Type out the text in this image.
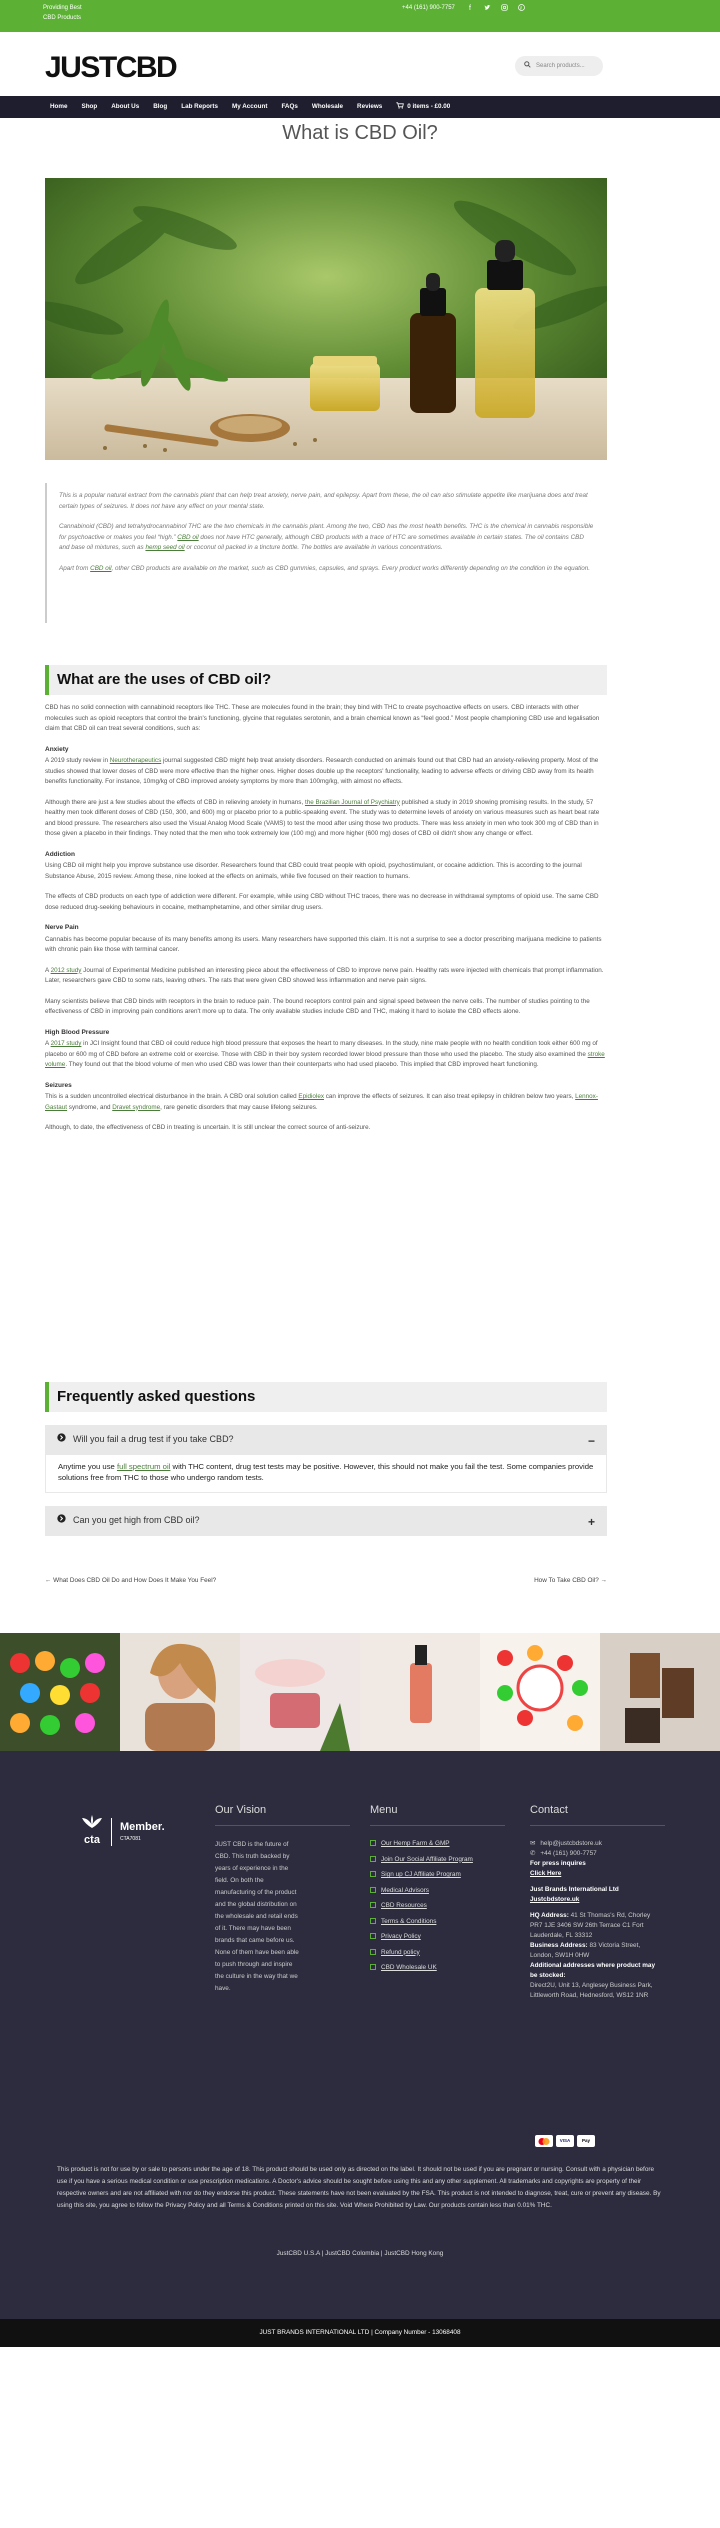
Providing Best
CBD Products
+44 (161) 900-7757	f
JUSTCBD	Search products...
Home	Shop	About Us	Blog	Lab Reports	My Account	FAQs	Wholesale	Reviews	0 items - £0.00
What is CBD Oil?

This is a popular natural extract from the cannabis plant that can help treat anxiety, nerve pain, and epilepsy. Apart from these, the oil can also stimulate appetite like marijuana does and treat certain types of seizures. It does not have any effect on your mental state.

Cannabinoid (CBD) and tetrahydrocannabinol THC are the two chemicals in the cannabis plant. Among the two, CBD has the most health benefits. THC is the chemical in cannabis responsible for psychoactive or makes you feel “high.” CBD oil does not have HTC generally, although CBD products with a trace of HTC are sometimes available in certain states. The oil contains CBD and base oil mixtures, such as hemp seed oil or coconut oil packed in a tincture bottle. The bottles are available in various concentrations.

Apart from CBD oil, other CBD products are available on the market, such as CBD gummies, capsules, and sprays. Every product works differently depending on the condition in the equation.

What are the uses of CBD oil?

CBD has no solid connection with cannabinoid receptors like THC. These are molecules found in the brain; they bind with THC to create psychoactive effects on users. CBD interacts with other molecules such as opioid receptors that control the brain's functioning, glycine that regulates serotonin, and a brain chemical known as “feel good.” Most people championing CBD use and legalisation claim that CBD oil can treat several conditions, such as:

Anxiety

A 2019 study review in Neurotherapeutics journal suggested CBD might help treat anxiety disorders. Research conducted on animals found out that CBD had an anxiety-relieving property. Most of the studies showed that lower doses of CBD were more effective than the higher ones. Higher doses double up the receptors' functionality, leading to adverse effects or driving CBD away from its health benefits functionality. For instance, 10mg/kg of CBD improved anxiety symptoms by more than 100mg/kg, with almost no effects.

Although there are just a few studies about the effects of CBD in relieving anxiety in humans, the Brazilian Journal of Psychiatry published a study in 2019 showing promising results. In the study, 57 healthy men took different doses of CBD (150, 300, and 600) mg or placebo prior to a public-speaking event. The study was to determine levels of anxiety on various measures such as heart beat rate and blood pressure. The researchers also used the Visual Analog Mood Scale (VAMS) to test the mood after using those two products. There was less anxiety in men who took 300 mg of CBD than in those given a placebo in their findings. They noted that the men who took extremely low (100 mg) and more higher (600 mg) doses of CBD oil didn't show any change or effect.

Addiction

Using CBD oil might help you improve substance use disorder. Researchers found that CBD could treat people with opioid, psychostimulant, or cocaine addiction. This is according to the journal Substance Abuse, 2015 review. Among these, nine looked at the effects on animals, while five focused on their reaction to humans.

The effects of CBD products on each type of addiction were different. For example, while using CBD without THC traces, there was no decrease in withdrawal symptoms of opioid use. The same CBD dose reduced drug-seeking behaviours in cocaine, methamphetamine, and other similar drug users.

Nerve Pain

Cannabis has become popular because of its many benefits among its users. Many researchers have supported this claim. It is not a surprise to see a doctor prescribing marijuana medicine to patients with chronic pain like those with terminal cancer.

A 2012 study Journal of Experimental Medicine published an interesting piece about the effectiveness of CBD to improve nerve pain. Healthy rats were injected with chemicals that prompt inflammation. Later, researchers gave CBD to some rats, leaving others. The rats that were given CBD showed less inflammation and nerve pain signs.

Many scientists believe that CBD binds with receptors in the brain to reduce pain. The bound receptors control pain and signal speed between the nerve cells. The number of studies pointing to the effectiveness of CBD in improving pain conditions aren't more up to data. The only available studies include CBD and THC, making it hard to isolate the CBD effects alone.

High Blood Pressure

A 2017 study in JCI Insight found that CBD oil could reduce high blood pressure that exposes the heart to many diseases. In the study, nine male people with no health condition took either 600 mg of placebo or 600 mg of CBD before an extreme cold or exercise. Those with CBD in their boy system recorded lower blood pressure than those who used the placebo. The study also examined the stroke volume. They found out that the blood volume of men who used CBD was lower than their counterparts who had used placebo. This implied that CBD improved heart functioning.

Seizures

This is a sudden uncontrolled electrical disturbance in the brain. A CBD oral solution called Epidiolex can improve the effects of seizures. It can also treat epilepsy in children below two years, Lennox-Gastaut syndrome, and Dravet syndrome, rare genetic disorders that may cause lifelong seizures.

Although, to date, the effectiveness of CBD in treating is uncertain. It is still unclear the correct source of anti-seizure.

Frequently asked questions
Will you fail a drug test if you take CBD?	−
Anytime you use full spectrum oil with THC content, drug test tests may be positive. However, this should not make you fail the test. Some companies provide solutions free from THC to those who undergo random tests.
Can you get high from CBD oil?	+
← What Does CBD Oil Do and How Does It Make You Feel?	How To Take CBD Oil? →
cta
Member.
CTA7081
Our Vision
JUST CBD is the future of CBD. This truth backed by years of experience in the field. On both the manufacturing of the product and the global distribution on the wholesale and retail ends of it. There may have been brands that came before us. None of them have been able to push through and inspire the culture in the way that we have.
Menu
Our Hemp Farm & GMP
Join Our Social Affiliate Program
Sign up CJ Affiliate Program
Medical Advisors
CBD Resources
Terms & Conditions
Privacy Policy
Refund policy
CBD Wholesale UK
Contact
✉ help@justcbdstore.uk
✆ +44 (161) 900-7757
For press inquires
Click Here
Just Brands International Ltd
Justcbdstore.uk
HQ Address: 41 St Thomas's Rd, Chorley PR7 1JE 3406 SW 26th Terrace C1 Fort Lauderdale, FL 33312
Business Address: 83 Victoria Street, London, SW1H 0HW
Additional addresses where product may be stocked:
Direct2U, Unit 13, Anglesey Business Park, Littleworth Road, Hednesford, WS12 1NR
VISA	Pay
This product is not for use by or sale to persons under the age of 18. This product should be used only as directed on the label. It should not be used if you are pregnant or nursing. Consult with a physician before use if you have a serious medical condition or use prescription medications. A Doctor's advice should be sought before using this and any other supplement. All trademarks and copyrights are property of their respective owners and are not affiliated with nor do they endorse this product. These statements have not been evaluated by the FSA. This product is not intended to diagnose, treat, cure or prevent any disease. By using this site, you agree to follow the Privacy Policy and all Terms & Conditions printed on this site. Void Where Prohibited by Law. Our products contain less than 0.01% THC.
JustCBD U.S.A | JustCBD Colombia | JustCBD Hong Kong
JUST BRANDS INTERNATIONAL LTD | Company Number - 13068408
